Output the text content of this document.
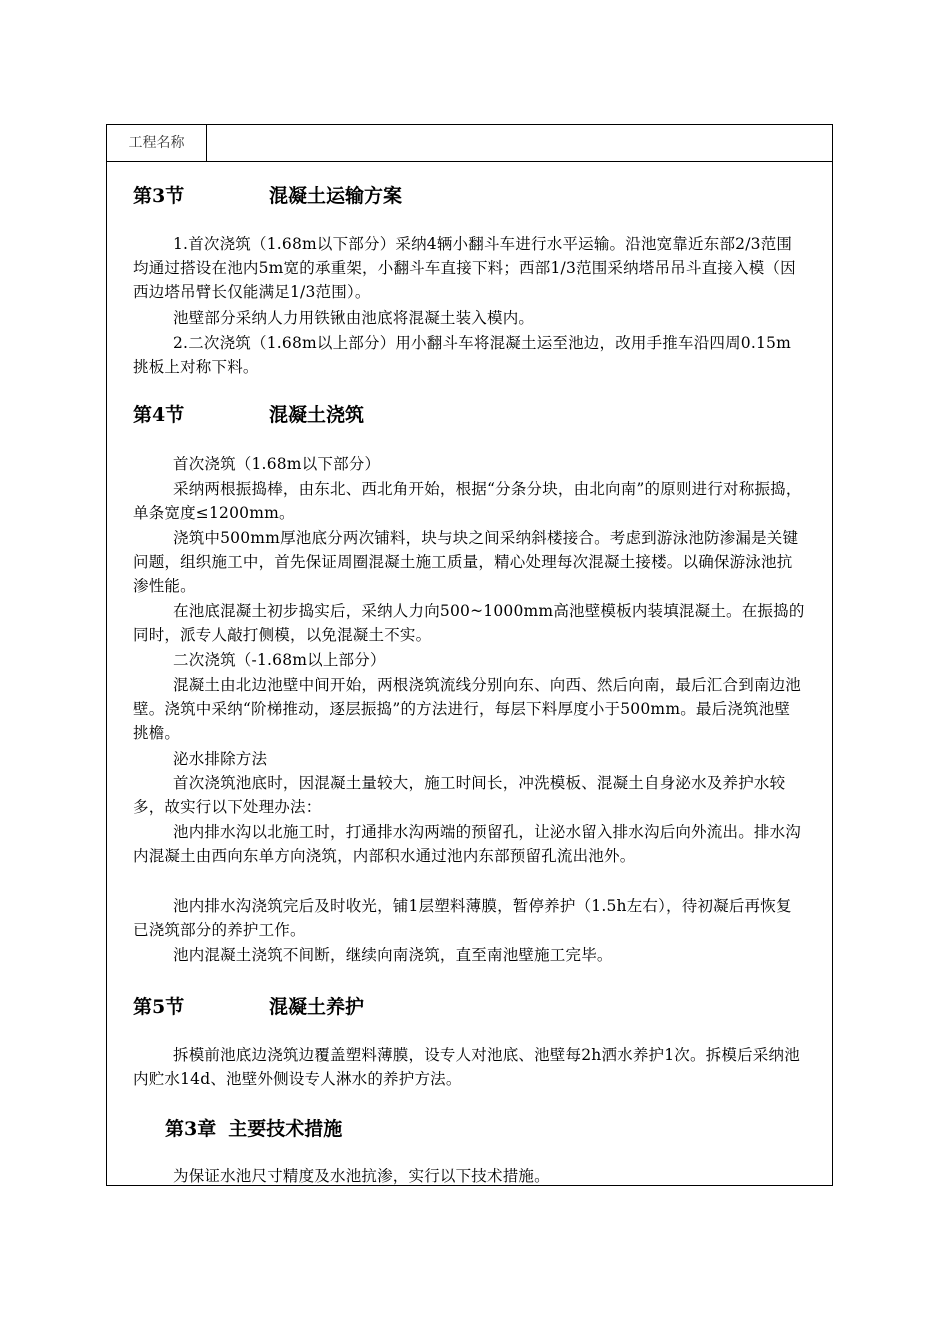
工程名称
第3节	混凝土运输方案

1.首次浇筑（1.68m以下部分）采纳4辆小翻斗车进行水平运输。沿池宽靠近东部2/3范围均通过搭设在池内5m宽的承重架，小翻斗车直接下料；西部1/3范围采纳塔吊吊斗直接入模（因西边塔吊臂长仅能满足1/3范围）。

池壁部分采纳人力用铁锹由池底将混凝土装入模内。

2.二次浇筑（1.68m以上部分）用小翻斗车将混凝土运至池边，改用手推车沿四周0.15m挑板上对称下料。

第4节	混凝土浇筑

首次浇筑（1.68m以下部分）

采纳两根振捣棒，由东北、西北角开始，根据“分条分块，由北向南”的原则进行对称振捣，单条宽度≤1200mm。

浇筑中500mm厚池底分两次铺料，块与块之间采纳斜楼接合。考虑到游泳池防渗漏是关键问题，组织施工中，首先保证周圈混凝土施工质量，精心处理每次混凝土接楼。以确保游泳池抗渗性能。

在池底混凝土初步捣实后，采纳人力向500~1000mm高池壁模板内装填混凝土。在振捣的同时，派专人敲打侧模，以免混凝土不实。

二次浇筑（-1.68m以上部分）

混凝土由北边池壁中间开始，两根浇筑流线分别向东、向西、然后向南，最后汇合到南边池壁。浇筑中采纳“阶梯推动，逐层振捣”的方法进行，每层下料厚度小于500mm。最后浇筑池壁挑檐。

泌水排除方法

首次浇筑池底时，因混凝土量较大，施工时间长，冲洗模板、混凝土自身泌水及养护水较多，故实行以下处理办法：

池内排水沟以北施工时，打通排水沟两端的预留孔，让泌水留入排水沟后向外流出。排水沟内混凝土由西向东单方向浇筑，内部积水通过池内东部预留孔流出池外。

池内排水沟浇筑完后及时收光，铺1层塑料薄膜，暂停养护（1.5h左右），待初凝后再恢复已浇筑部分的养护工作。

池内混凝土浇筑不间断，继续向南浇筑，直至南池壁施工完毕。

第5节	混凝土养护

拆模前池底边浇筑边覆盖塑料薄膜，设专人对池底、池壁每2h洒水养护1次。拆模后采纳池内贮水14d、池壁外侧设专人淋水的养护方法。

第3章 主要技术措施

为保证水池尺寸精度及水池抗渗，实行以下技术措施。
